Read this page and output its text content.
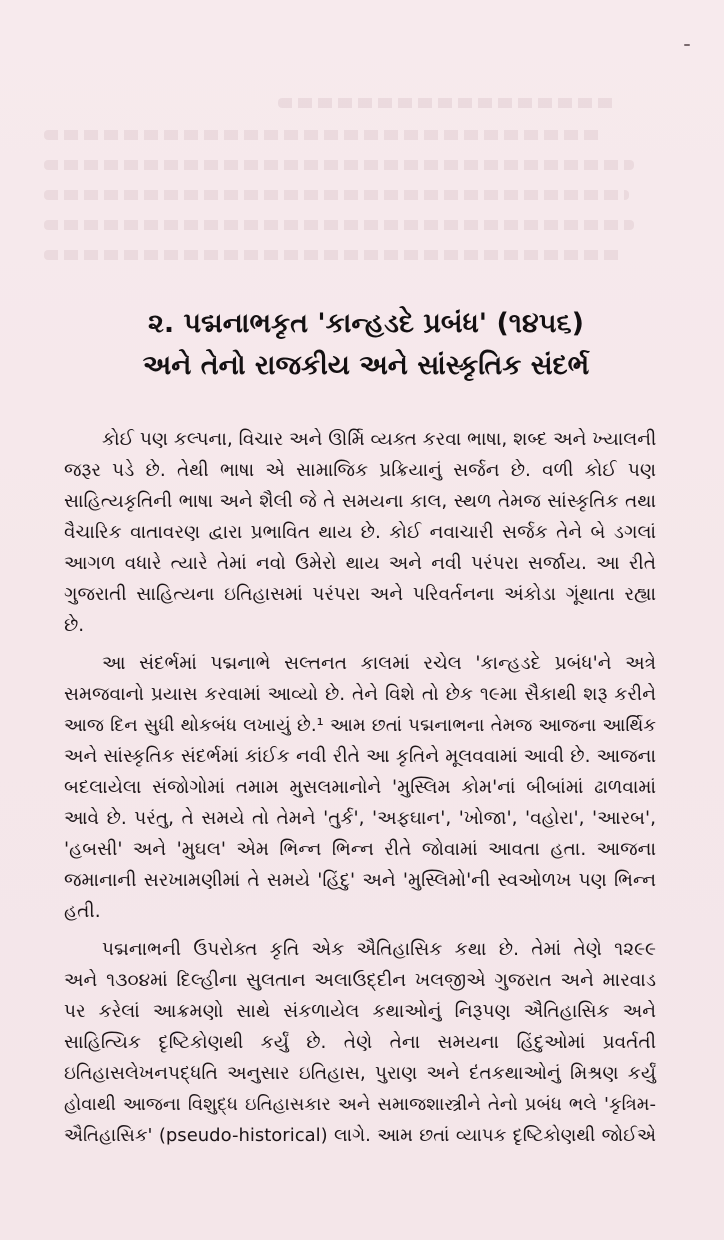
૨. પદ્મનાભકૃત 'કાન્હડદે પ્રબંધ' (૧૪૫૬)
અને તેનો રાજકીય અને સાંસ્કૃતિક સંદર્ભ
કોઈ પણ કલ્પના, વિચાર અને ઊર્મિ વ્યક્ત કરવા ભાષા, શબ્દ અને ખ્યાલની
જરૂર પડે છે. તેથી ભાષા એ સામાજિક પ્રક્રિયાનું સર્જન છે. વળી કોઈ પણ
સાહિત્યકૃતિની ભાષા અને શૈલી જે તે સમયના કાલ, સ્થળ તેમજ સાંસ્કૃતિક તથા
વૈચારિક વાતાવરણ દ્વારા પ્રભાવિત થાય છે. કોઈ નવાચારી સર્જક તેને બે ડગલાં
આગળ વધારે ત્યારે તેમાં નવો ઉમેરો થાય અને નવી પરંપરા સર્જાય. આ રીતે
ગુજરાતી સાહિત્યના ઇતિહાસમાં પરંપરા અને પરિવર્તનના અંકોડા ગૂંથાતા રહ્યા
છે.
આ સંદર્ભમાં પદ્મનાભે સલ્તનત કાલમાં રચેલ 'કાન્હડદે પ્રબંધ'ને અત્રે
સમજવાનો પ્રયાસ કરવામાં આવ્યો છે. તેને વિશે તો છેક ૧૯મા સૈકાથી શરૂ કરીને
આજ દિન સુધી થોકબંધ લખાયું છે.¹ આમ છતાં પદ્મનાભના તેમજ આજના આર્થિક
અને સાંસ્કૃતિક સંદર્ભમાં કાંઈક નવી રીતે આ કૃતિને મૂલવવામાં આવી છે. આજના
બદલાયેલા સંજોગોમાં તમામ મુસલમાનોને 'મુસ્લિમ કોમ'નાં બીબાંમાં ઢાળવામાં
આવે છે. પરંતુ, તે સમયે તો તેમને 'તુર્ક', 'અફઘાન', 'ખોજા', 'વહોરા', 'આરબ',
'હબસી' અને 'મુઘલ' એમ ભિન્ન ભિન્ન રીતે જોવામાં આવતા હતા. આજના
જમાનાની સરખામણીમાં તે સમયે 'હિંદુ' અને 'મુસ્લિમો'ની સ્વઓળખ પણ ભિન્ન
હતી.
પદ્મનાભની ઉપરોક્ત કૃતિ એક ઐતિહાસિક કથા છે. તેમાં તેણે ૧૨૯૯
અને ૧૩૦૪માં દિલ્હીના સુલતાન અલાઉદ્દીન ખલજીએ ગુજરાત અને મારવાડ
પર કરેલાં આક્રમણો સાથે સંકળાયેલ કથાઓનું નિરૂપણ ઐતિહાસિક અને
સાહિત્યિક દૃષ્ટિકોણથી કર્યું છે. તેણે તેના સમયના હિંદુઓમાં પ્રવર્તતી
ઇતિહાસલેખનપદ્ધતિ અનુસાર ઇતિહાસ, પુરાણ અને દંતકથાઓનું મિશ્રણ કર્યું
હોવાથી આજના વિશુદ્ધ ઇતિહાસકાર અને સમાજશાસ્ત્રીને તેનો પ્રબંધ ભલે 'કૃત્રિમ-
ઐતિહાસિક' (pseudo-historical) લાગે. આમ છતાં વ્યાપક દૃષ્ટિકોણથી જોઈએ
